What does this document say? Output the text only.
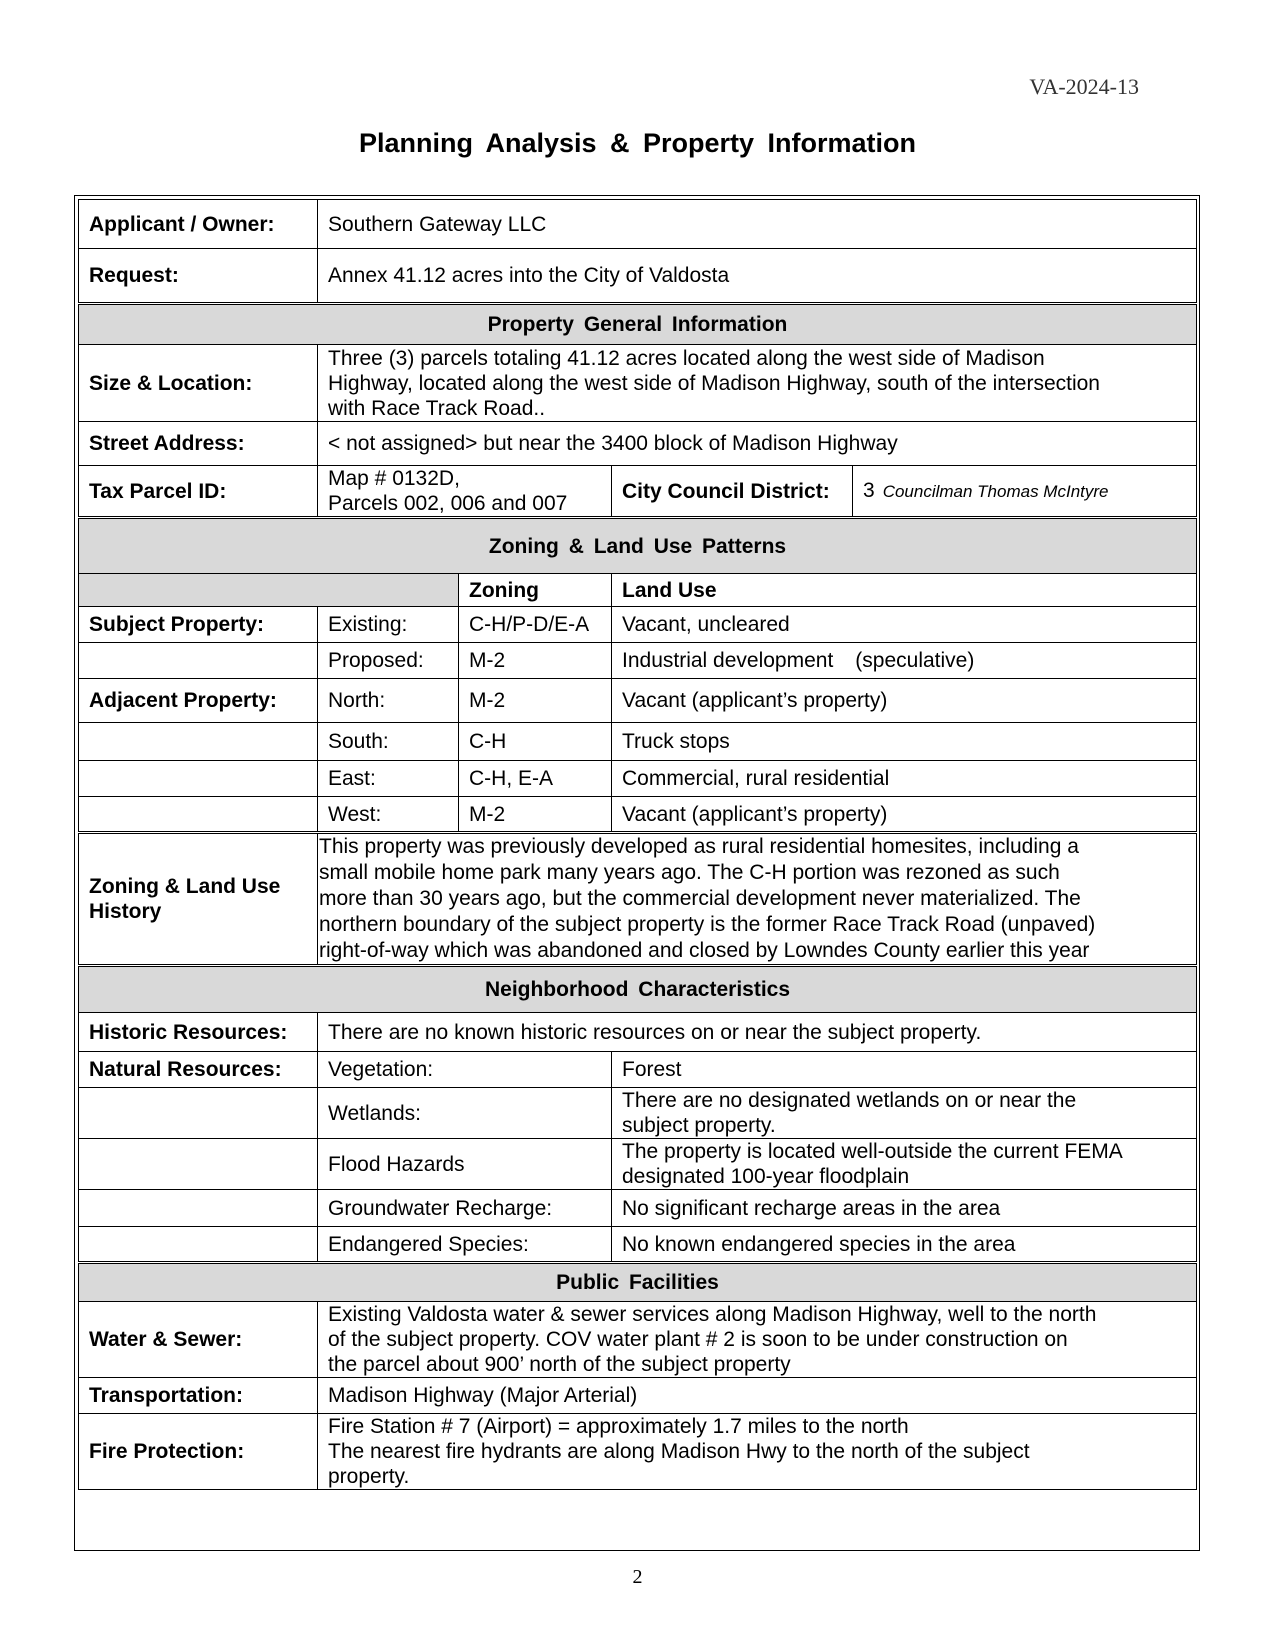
VA-2024-13
Planning Analysis & Property Information
Applicant / Owner:	Southern Gateway LLC			
Request:	Annex 41.12 acres into the City of Valdosta			
Property General Information				
Size & Location:	Three (3) parcels totaling 41.12 acres located along the west side of Madison
Highway, located along the west side of Madison Highway, south of the intersection
with Race Track Road..			

Street Address:	< not assigned> but near the 3400 block of Madison Highway			
Tax Parcel ID:	Map # 0132D,
Parcels 002, 006 and 007		City Council District:	3 Councilman Thomas McIntyre
Zoning & Land Use Patterns				
		Zoning	Land Use	
Subject Property:	Existing:	C-H/P-D/E-A	Vacant, uncleared	
	Proposed:	M-2	Industrial development (speculative)	
Adjacent Property:	North:	M-2	Vacant (applicant’s property)	
	South:	C-H	Truck stops	
	East:	C-H, E-A	Commercial, rural residential	
	West:	M-2	Vacant (applicant’s property)	
Zoning & Land Use History	This property was previously developed as rural residential homesites, including a
small mobile home park many years ago. The C-H portion was rezoned as such
more than 30 years ago, but the commercial development never materialized. The
northern boundary of the subject property is the former Race Track Road (unpaved)
right-of-way which was abandoned and closed by Lowndes County earlier this year			

Neighborhood Characteristics				
Historic Resources:	There are no known historic resources on or near the subject property.			
Natural Resources:	Vegetation:		Forest	

	Wetlands:		There are no designated wetlands on or near the
subject property.	

	Flood Hazards		The property is located well-outside the current FEMA
designated 100-year floodplain	

	Groundwater Recharge:		No significant recharge areas in the area	

	Endangered Species:		No known endangered species in the area	

Public Facilities				
Water & Sewer:	Existing Valdosta water & sewer services along Madison Highway, well to the north
of the subject property. COV water plant # 2 is soon to be under construction on
the parcel about 900’ north of the subject property			

Transportation:	Madison Highway (Major Arterial)			
Fire Protection:	Fire Station # 7 (Airport) = approximately 1.7 miles to the north
The nearest fire hydrants are along Madison Hwy to the north of the subject
property.			
2
